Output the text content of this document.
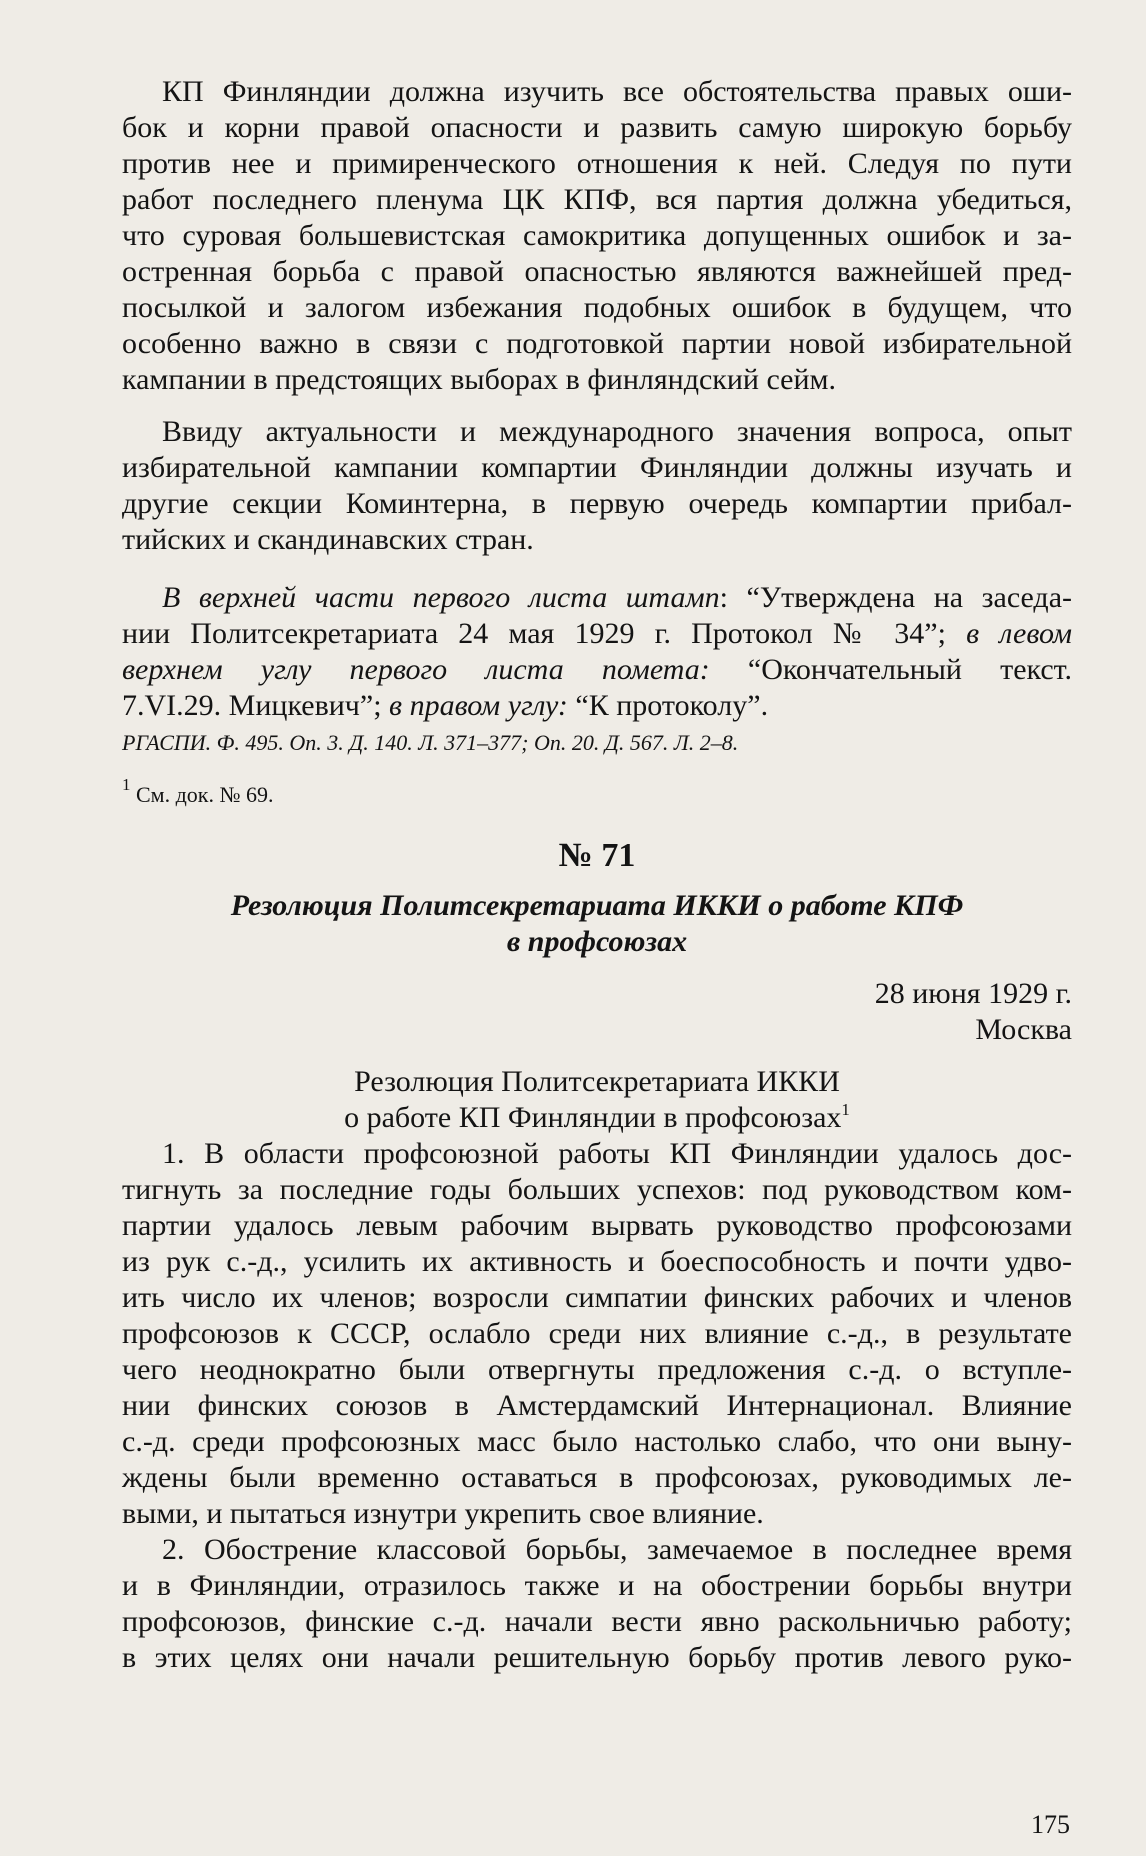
КП Финляндии должна изучить все обстоятельства правых оши-
бок и корни правой опасности и развить самую широкую борьбу
против нее и примиренческого отношения к ней. Следуя по пути
работ последнего пленума ЦК КПФ, вся партия должна убедиться,
что суровая большевистская самокритика допущенных ошибок и за-
остренная борьба с правой опасностью являются важнейшей пред-
посылкой и залогом избежания подобных ошибок в будущем, что
особенно важно в связи с подготовкой партии новой избирательной
кампании в предстоящих выборах в финляндский сейм.

Ввиду актуальности и международного значения вопроса, опыт
избирательной кампании компартии Финляндии должны изучать и
другие секции Коминтерна, в первую очередь компартии прибал-
тийских и скандинавских стран.

В верхней части первого листа штамп: “Утверждена на заседа-
нии Политсекретариата 24 мая 1929 г. Протокол № 34”; в левом
верхнем углу первого листа помета: “Окончательный текст.
7.VI.29. Мицкевич”; в правом углу: “К протоколу”.

РГАСПИ. Ф. 495. Оп. 3. Д. 140. Л. 371–377; Оп. 20. Д. 567. Л. 2–8.

$^1$ См. док. № 69.

№ 71

Резолюция Политсекретариата ИККИ о работе КПФ

в профсоюзах

28 июня 1929 г.

Москва

Резолюция Политсекретариата ИККИ

о работе КП Финляндии в профсоюзах$^1$

1. В области профсоюзной работы КП Финляндии удалось дос-
тигнуть за последние годы больших успехов: под руководством ком-
партии удалось левым рабочим вырвать руководство профсоюзами
из рук с.-д., усилить их активность и боеспособность и почти удво-
ить число их членов; возросли симпатии финских рабочих и членов
профсоюзов к СССР, ослабло среди них влияние с.-д., в результате
чего неоднократно были отвергнуты предложения с.-д. о вступле-
нии финских союзов в Амстердамский Интернационал. Влияние
с.-д. среди профсоюзных масс было настолько слабо, что они выну-
ждены были временно оставаться в профсоюзах, руководимых ле-
выми, и пытаться изнутри укрепить свое влияние.

2. Обострение классовой борьбы, замечаемое в последнее время
и в Финляндии, отразилось также и на обострении борьбы внутри
профсоюзов, финские с.-д. начали вести явно раскольничью работу;
в этих целях они начали решительную борьбу против левого руко-

175
